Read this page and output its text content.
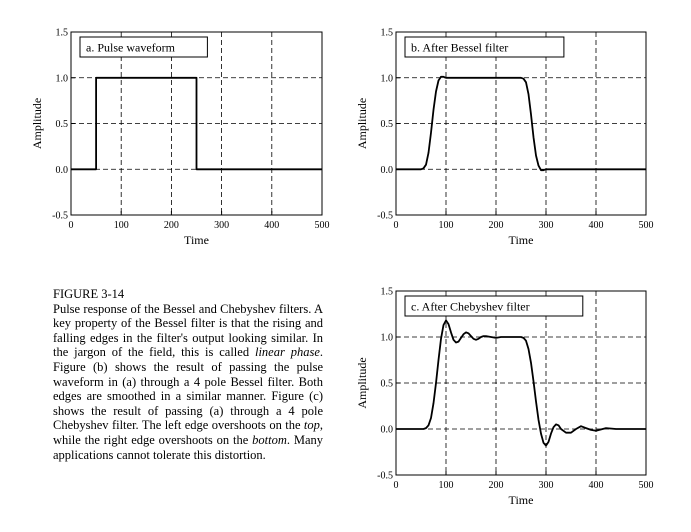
0	100	200	300	400	500
-0.5
0.0
0.5
1.0
1.5
Time
Amplitude
a. Pulse waveform
0	100	200	300	400	500
-0.5
0.0
0.5
1.0
1.5
Time
Amplitude
b. After Bessel filter
0	100	200	300	400	500
-0.5
0.0
0.5
1.0
1.5
Time
Amplitude
c. After Chebyshev filter
FIGURE 3-14
Pulse response of the Bessel and Chebyshev filters. A key property of the Bessel filter is that the rising and falling edges in the filter's output looking similar. In the jargon of the field, this is called linear phase. Figure (b) shows the result of passing the pulse waveform in (a) through a 4 pole Bessel filter. Both edges are smoothed in a similar manner. Figure (c) shows the result of passing (a) through a 4 pole Chebyshev filter. The left edge overshoots on the top, while the right edge overshoots on the bottom. Many applications cannot tolerate this distortion.
